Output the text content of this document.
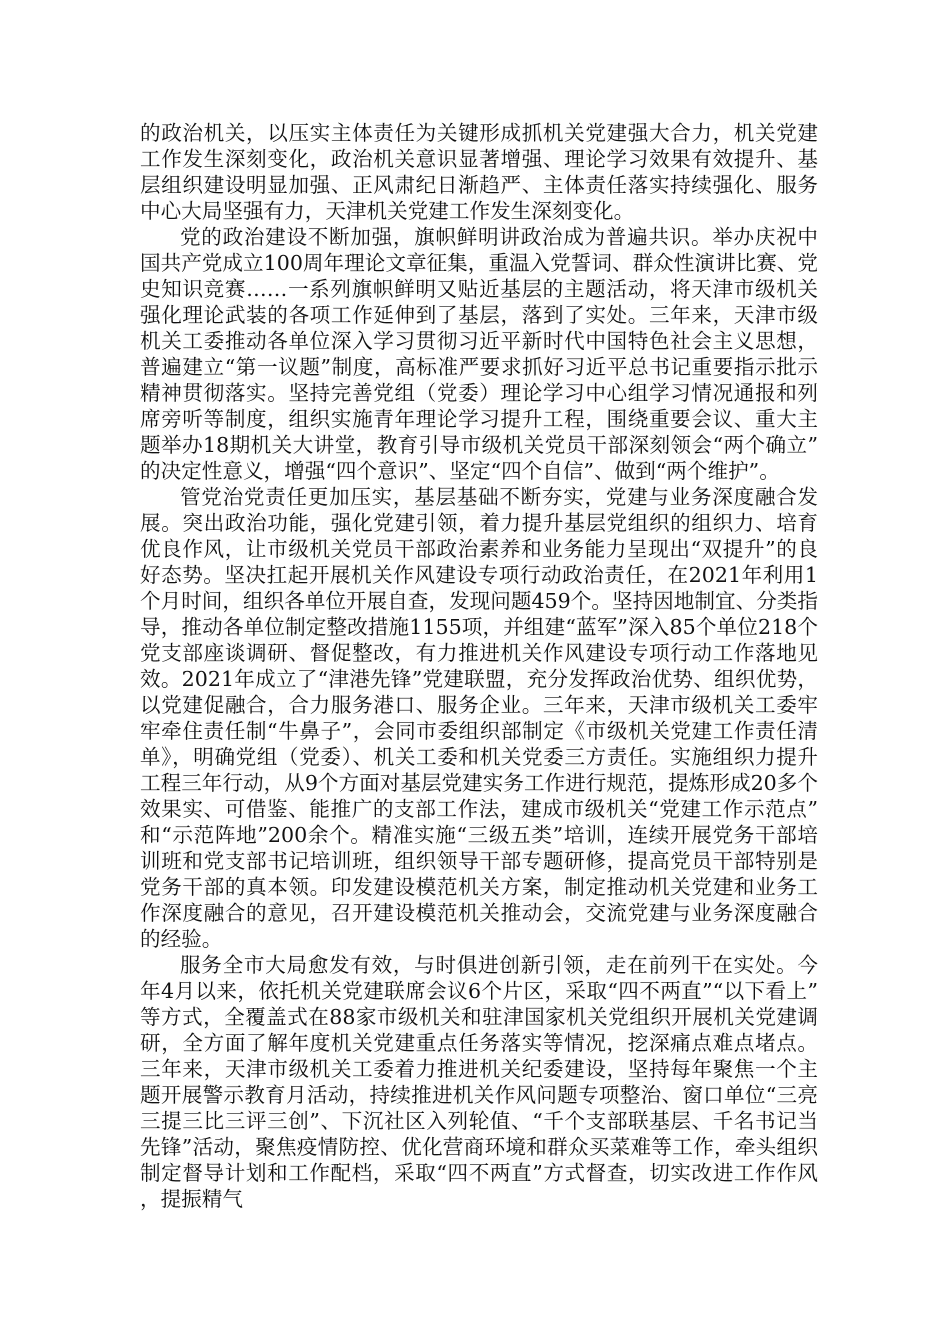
的政治机关，以压实主体责任为关键形成抓机关党建强大合力，机关党建工作发生深刻变化，政治机关意识显著增强、理论学习效果有效提升、基层组织建设明显加强、正风肃纪日渐趋严、主体责任落实持续强化、服务中心大局坚强有力，天津机关党建工作发生深刻变化。

党的政治建设不断加强，旗帜鲜明讲政治成为普遍共识。举办庆祝中国共产党成立100周年理论文章征集，重温入党誓词、群众性演讲比赛、党史知识竞赛……一系列旗帜鲜明又贴近基层的主题活动，将天津市级机关强化理论武装的各项工作延伸到了基层，落到了实处。三年来，天津市级机关工委推动各单位深入学习贯彻习近平新时代中国特色社会主义思想，普遍建立“第一议题”制度，高标准严要求抓好习近平总书记重要指示批示精神贯彻落实。坚持完善党组（党委）理论学习中心组学习情况通报和列席旁听等制度，组织实施青年理论学习提升工程，围绕重要会议、重大主题举办18期机关大讲堂，教育引导市级机关党员干部深刻领会“两个确立”的决定性意义，增强“四个意识”、坚定“四个自信”、做到“两个维护”。

管党治党责任更加压实，基层基础不断夯实，党建与业务深度融合发展。突出政治功能，强化党建引领，着力提升基层党组织的组织力、培育优良作风，让市级机关党员干部政治素养和业务能力呈现出“双提升”的良好态势。坚决扛起开展机关作风建设专项行动政治责任，在2021年利用1个月时间，组织各单位开展自查，发现问题459个。坚持因地制宜、分类指导，推动各单位制定整改措施1155项，并组建“蓝军”深入85个单位218个党支部座谈调研、督促整改，有力推进机关作风建设专项行动工作落地见效。2021年成立了“津港先锋”党建联盟，充分发挥政治优势、组织优势，以党建促融合，合力服务港口、服务企业。三年来，天津市级机关工委牢牢牵住责任制“牛鼻子”，会同市委组织部制定《市级机关党建工作责任清单》，明确党组（党委）、机关工委和机关党委三方责任。实施组织力提升工程三年行动，从9个方面对基层党建实务工作进行规范，提炼形成20多个效果实、可借鉴、能推广的支部工作法，建成市级机关“党建工作示范点”和“示范阵地”200余个。精准实施“三级五类”培训，连续开展党务干部培训班和党支部书记培训班，组织领导干部专题研修，提高党员干部特别是党务干部的真本领。印发建设模范机关方案，制定推动机关党建和业务工作深度融合的意见，召开建设模范机关推动会，交流党建与业务深度融合的经验。

服务全市大局愈发有效，与时俱进创新引领，走在前列干在实处。今年4月以来，依托机关党建联席会议6个片区，采取“四不两直”“以下看上”等方式，全覆盖式在88家市级机关和驻津国家机关党组织开展机关党建调研，全方面了解年度机关党建重点任务落实等情况，挖深痛点难点堵点。三年来，天津市级机关工委着力推进机关纪委建设，坚持每年聚焦一个主题开展警示教育月活动，持续推进机关作风问题专项整治、窗口单位“三亮三提三比三评三创”、下沉社区入列轮值、“千个支部联基层、千名书记当先锋”活动，聚焦疫情防控、优化营商环境和群众买菜难等工作，牵头组织制定督导计划和工作配档，采取“四不两直”方式督查，切实改进工作作风，提振精气
